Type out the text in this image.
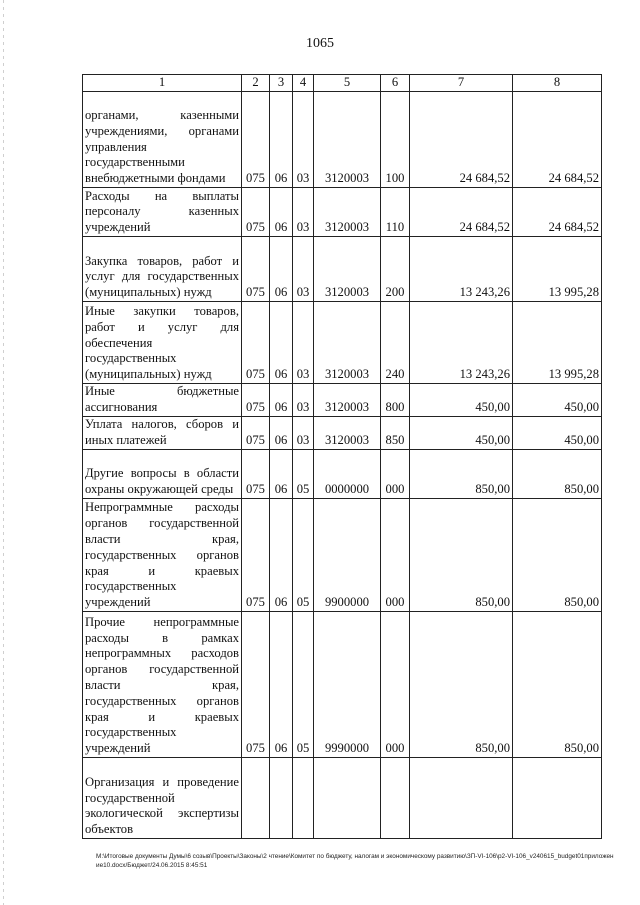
1065
1	2	3	4	5	6	7	8
органами, казенными учреждениями, органами управления государственными внебюджетными фондами	075	06	03	3120003	100	24 684,52	24 684,52
Расходы на выплаты персоналу казенных учреждений	075	06	03	3120003	110	24 684,52	24 684,52
Закупка товаров, работ и услуг для государственных (муниципальных) нужд	075	06	03	3120003	200	13 243,26	13 995,28
Иные закупки товаров, работ и услуг для обеспечения государственных (муниципальных) нужд	075	06	03	3120003	240	13 243,26	13 995,28
Иные бюджетные ассигнования	075	06	03	3120003	800	450,00	450,00
Уплата налогов, сборов и иных платежей	075	06	03	3120003	850	450,00	450,00
Другие вопросы в области охраны окружающей среды	075	06	05	0000000	000	850,00	850,00
Непрограммные расходы органов государственной власти края, государственных органов края и краевых государственных учреждений	075	06	05	9900000	000	850,00	850,00
Прочие непрограммные расходы в рамках непрограммных расходов органов государственной власти края, государственных органов края и краевых государственных учреждений	075	06	05	9990000	000	850,00	850,00
Организация и проведение государственной экологической экспертизы объектов							
M:\Итоговые документы Думы\6 созыв\Проекты\Законы\2 чтение\Комитет по бюджету, налогам и экономическому развитию\ЗП-VI-106\р2-VI-106_v240615_budget01приложение10.docx/Бюджет/24.06.2015 8:45:51
